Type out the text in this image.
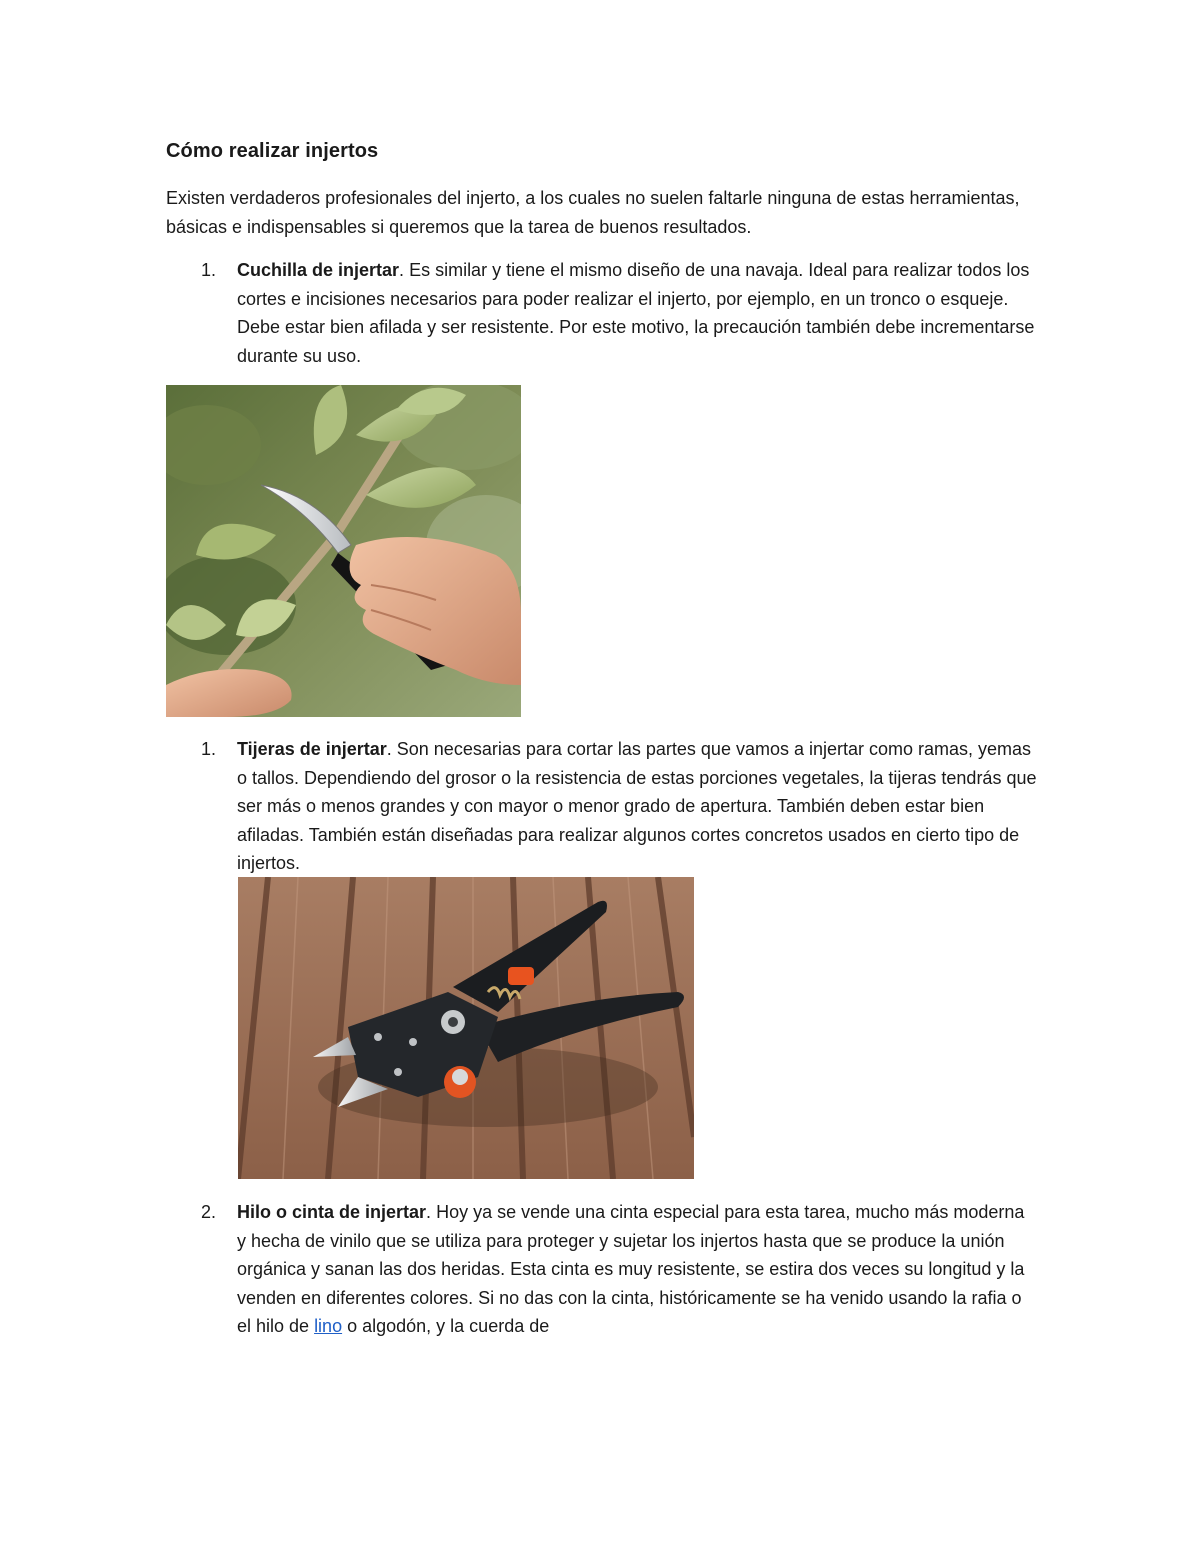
Cómo realizar injertos
Existen verdaderos profesionales del injerto, a los cuales no suelen faltarle ninguna de estas herramientas, básicas e indispensables si queremos que la tarea de buenos resultados.
1. Cuchilla de injertar. Es similar y tiene el mismo diseño de una navaja. Ideal para realizar todos los cortes e incisiones necesarios para poder realizar el injerto, por ejemplo, en un tronco o esqueje. Debe estar bien afilada y ser resistente. Por este motivo, la precaución también debe incrementarse durante su uso.
1. Tijeras de injertar. Son necesarias para cortar las partes que vamos a injertar como ramas, yemas o tallos. Dependiendo del grosor o la resistencia de estas porciones vegetales, la tijeras tendrás que ser más o menos grandes y con mayor o menor grado de apertura. También deben estar bien afiladas. También están diseñadas para realizar algunos cortes concretos usados en cierto tipo de injertos.
2. Hilo o cinta de injertar. Hoy ya se vende una cinta especial para esta tarea, mucho más moderna y hecha de vinilo que se utiliza para proteger y sujetar los injertos hasta que se produce la unión orgánica y sanan las dos heridas. Esta cinta es muy resistente, se estira dos veces su longitud y la venden en diferentes colores. Si no das con la cinta, históricamente se ha venido usando la rafia o el hilo de lino o algodón, y la cuerda de
